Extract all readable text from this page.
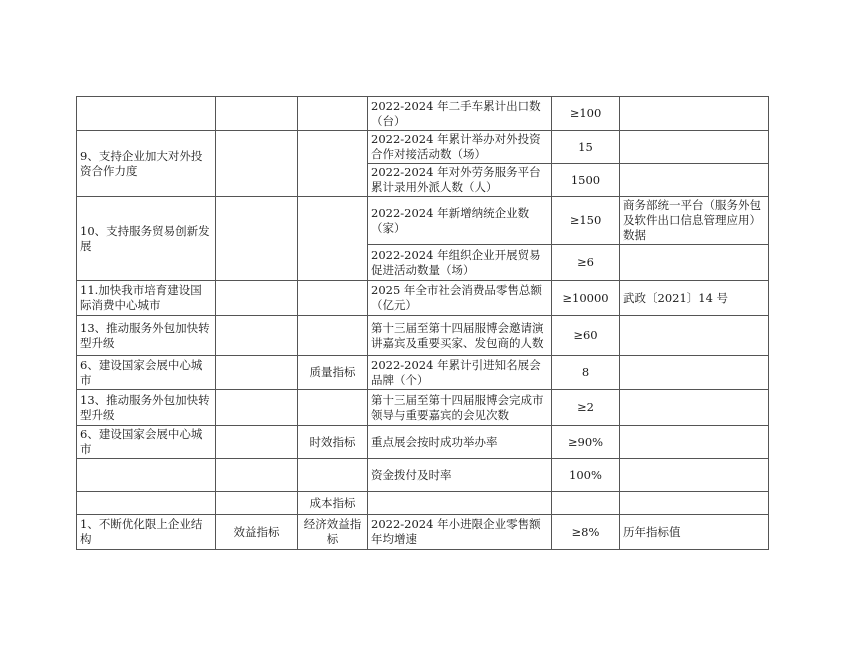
			2022-2024 年二手车累计出口数（台）	≥100	
9、支持企业加大对外投资合作力度			2022-2024 年累计举办对外投资合作对接活动数（场）	15	
			2022-2024 年对外劳务服务平台累计录用外派人数（人）	1500	
10、支持服务贸易创新发展			2022-2024 年新增纳统企业数（家）	≥150	商务部统一平台（服务外包及软件出口信息管理应用）数据
			2022-2024 年组织企业开展贸易促进活动数量（场）	≥6	
11.加快我市培育建设国际消费中心城市			2025 年全市社会消费品零售总额（亿元）	≥10000	武政〔2021〕14 号
13、推动服务外包加快转型升级			第十三届至第十四届服博会邀请演讲嘉宾及重要买家、发包商的人数	≥60	
6、建设国家会展中心城市		质量指标	2022-2024 年累计引进知名展会品牌（个）	8	
13、推动服务外包加快转型升级			第十三届至第十四届服博会完成市领导与重要嘉宾的会见次数	≥2	
6、建设国家会展中心城市		时效指标	重点展会按时成功举办率	≥90%	
			资金拨付及时率	100%	
		成本指标			
1、不断优化限上企业结构	效益指标	经济效益指标	2022-2024 年小进限企业零售额年均增速	≥8%	历年指标值
